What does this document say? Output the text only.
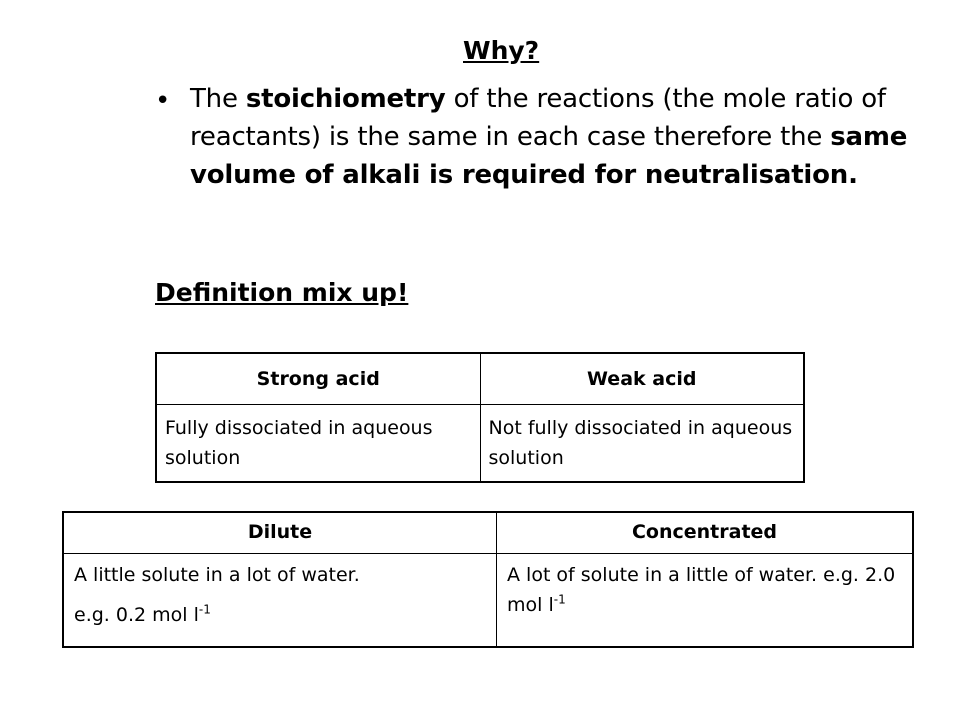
Why?
• The stoichiometry of the reactions (the mole ratio of reactants) is the same in each case therefore the same volume of alkali is required for neutralisation.
Definition mix up!
Strong acid	Weak acid
Fully dissociated in aqueous solution	Not fully dissociated in aqueous solution
Dilute	Concentrated
A little solute in a lot of water.
e.g. 0.2 mol $l^{-1}$	A lot of solute in a little of water. e.g. 2.0 mol $l^{-1}$
